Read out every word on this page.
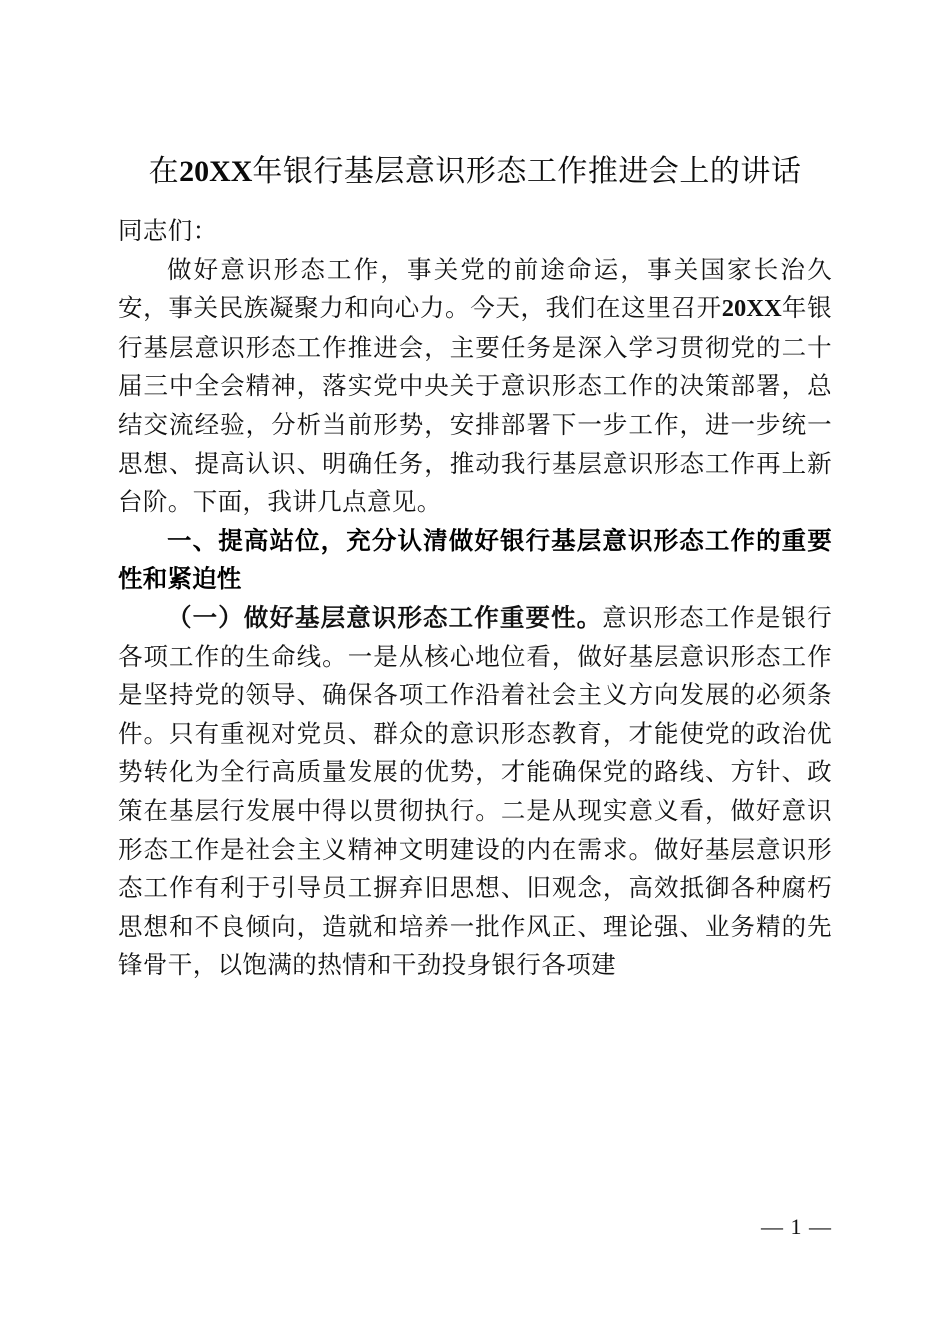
在20XX年银行基层意识形态工作推进会上的讲话

同志们：

做好意识形态工作，事关党的前途命运，事关国家长治久安，事关民族凝聚力和向心力。今天，我们在这里召开20XX年银行基层意识形态工作推进会，主要任务是深入学习贯彻党的二十届三中全会精神，落实党中央关于意识形态工作的决策部署，总结交流经验，分析当前形势，安排部署下一步工作，进一步统一思想、提高认识、明确任务，推动我行基层意识形态工作再上新台阶。下面，我讲几点意见。

一、提高站位，充分认清做好银行基层意识形态工作的重要性和紧迫性

（一）做好基层意识形态工作重要性。意识形态工作是银行各项工作的生命线。一是从核心地位看，做好基层意识形态工作是坚持党的领导、确保各项工作沿着社会主义方向发展的必须条件。只有重视对党员、群众的意识形态教育，才能使党的政治优势转化为全行高质量发展的优势，才能确保党的路线、方针、政策在基层行发展中得以贯彻执行。二是从现实意义看，做好意识形态工作是社会主义精神文明建设的内在需求。做好基层意识形态工作有利于引导员工摒弃旧思想、旧观念，高效抵御各种腐朽思想和不良倾向，造就和培养一批作风正、理论强、业务精的先锋骨干，以饱满的热情和干劲投身银行各项建

— 1 —
